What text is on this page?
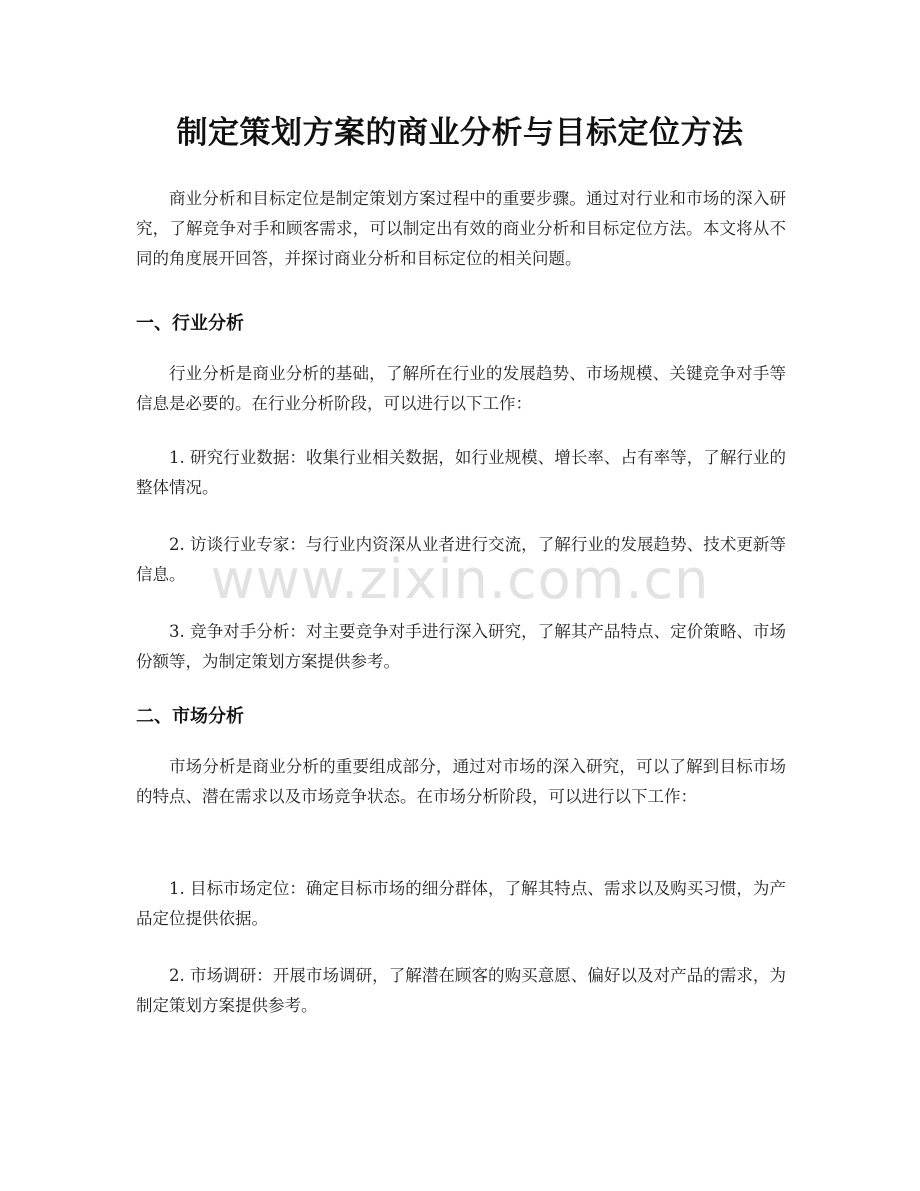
制定策划方案的商业分析与目标定位方法

商业分析和目标定位是制定策划方案过程中的重要步骤。通过对行业和市场的深入研究，了解竞争对手和顾客需求，可以制定出有效的商业分析和目标定位方法。本文将从不同的角度展开回答，并探讨商业分析和目标定位的相关问题。

一、行业分析

行业分析是商业分析的基础，了解所在行业的发展趋势、市场规模、关键竞争对手等信息是必要的。在行业分析阶段，可以进行以下工作：

1. 研究行业数据：收集行业相关数据，如行业规模、增长率、占有率等，了解行业的整体情况。

2. 访谈行业专家：与行业内资深从业者进行交流，了解行业的发展趋势、技术更新等信息。

3. 竞争对手分析：对主要竞争对手进行深入研究，了解其产品特点、定价策略、市场份额等，为制定策划方案提供参考。

二、市场分析

市场分析是商业分析的重要组成部分，通过对市场的深入研究，可以了解到目标市场的特点、潜在需求以及市场竞争状态。在市场分析阶段，可以进行以下工作：

1. 目标市场定位：确定目标市场的细分群体，了解其特点、需求以及购买习惯，为产品定位提供依据。

2. 市场调研：开展市场调研，了解潜在顾客的购买意愿、偏好以及对产品的需求，为制定策划方案提供参考。

www.zixin.com.cn
